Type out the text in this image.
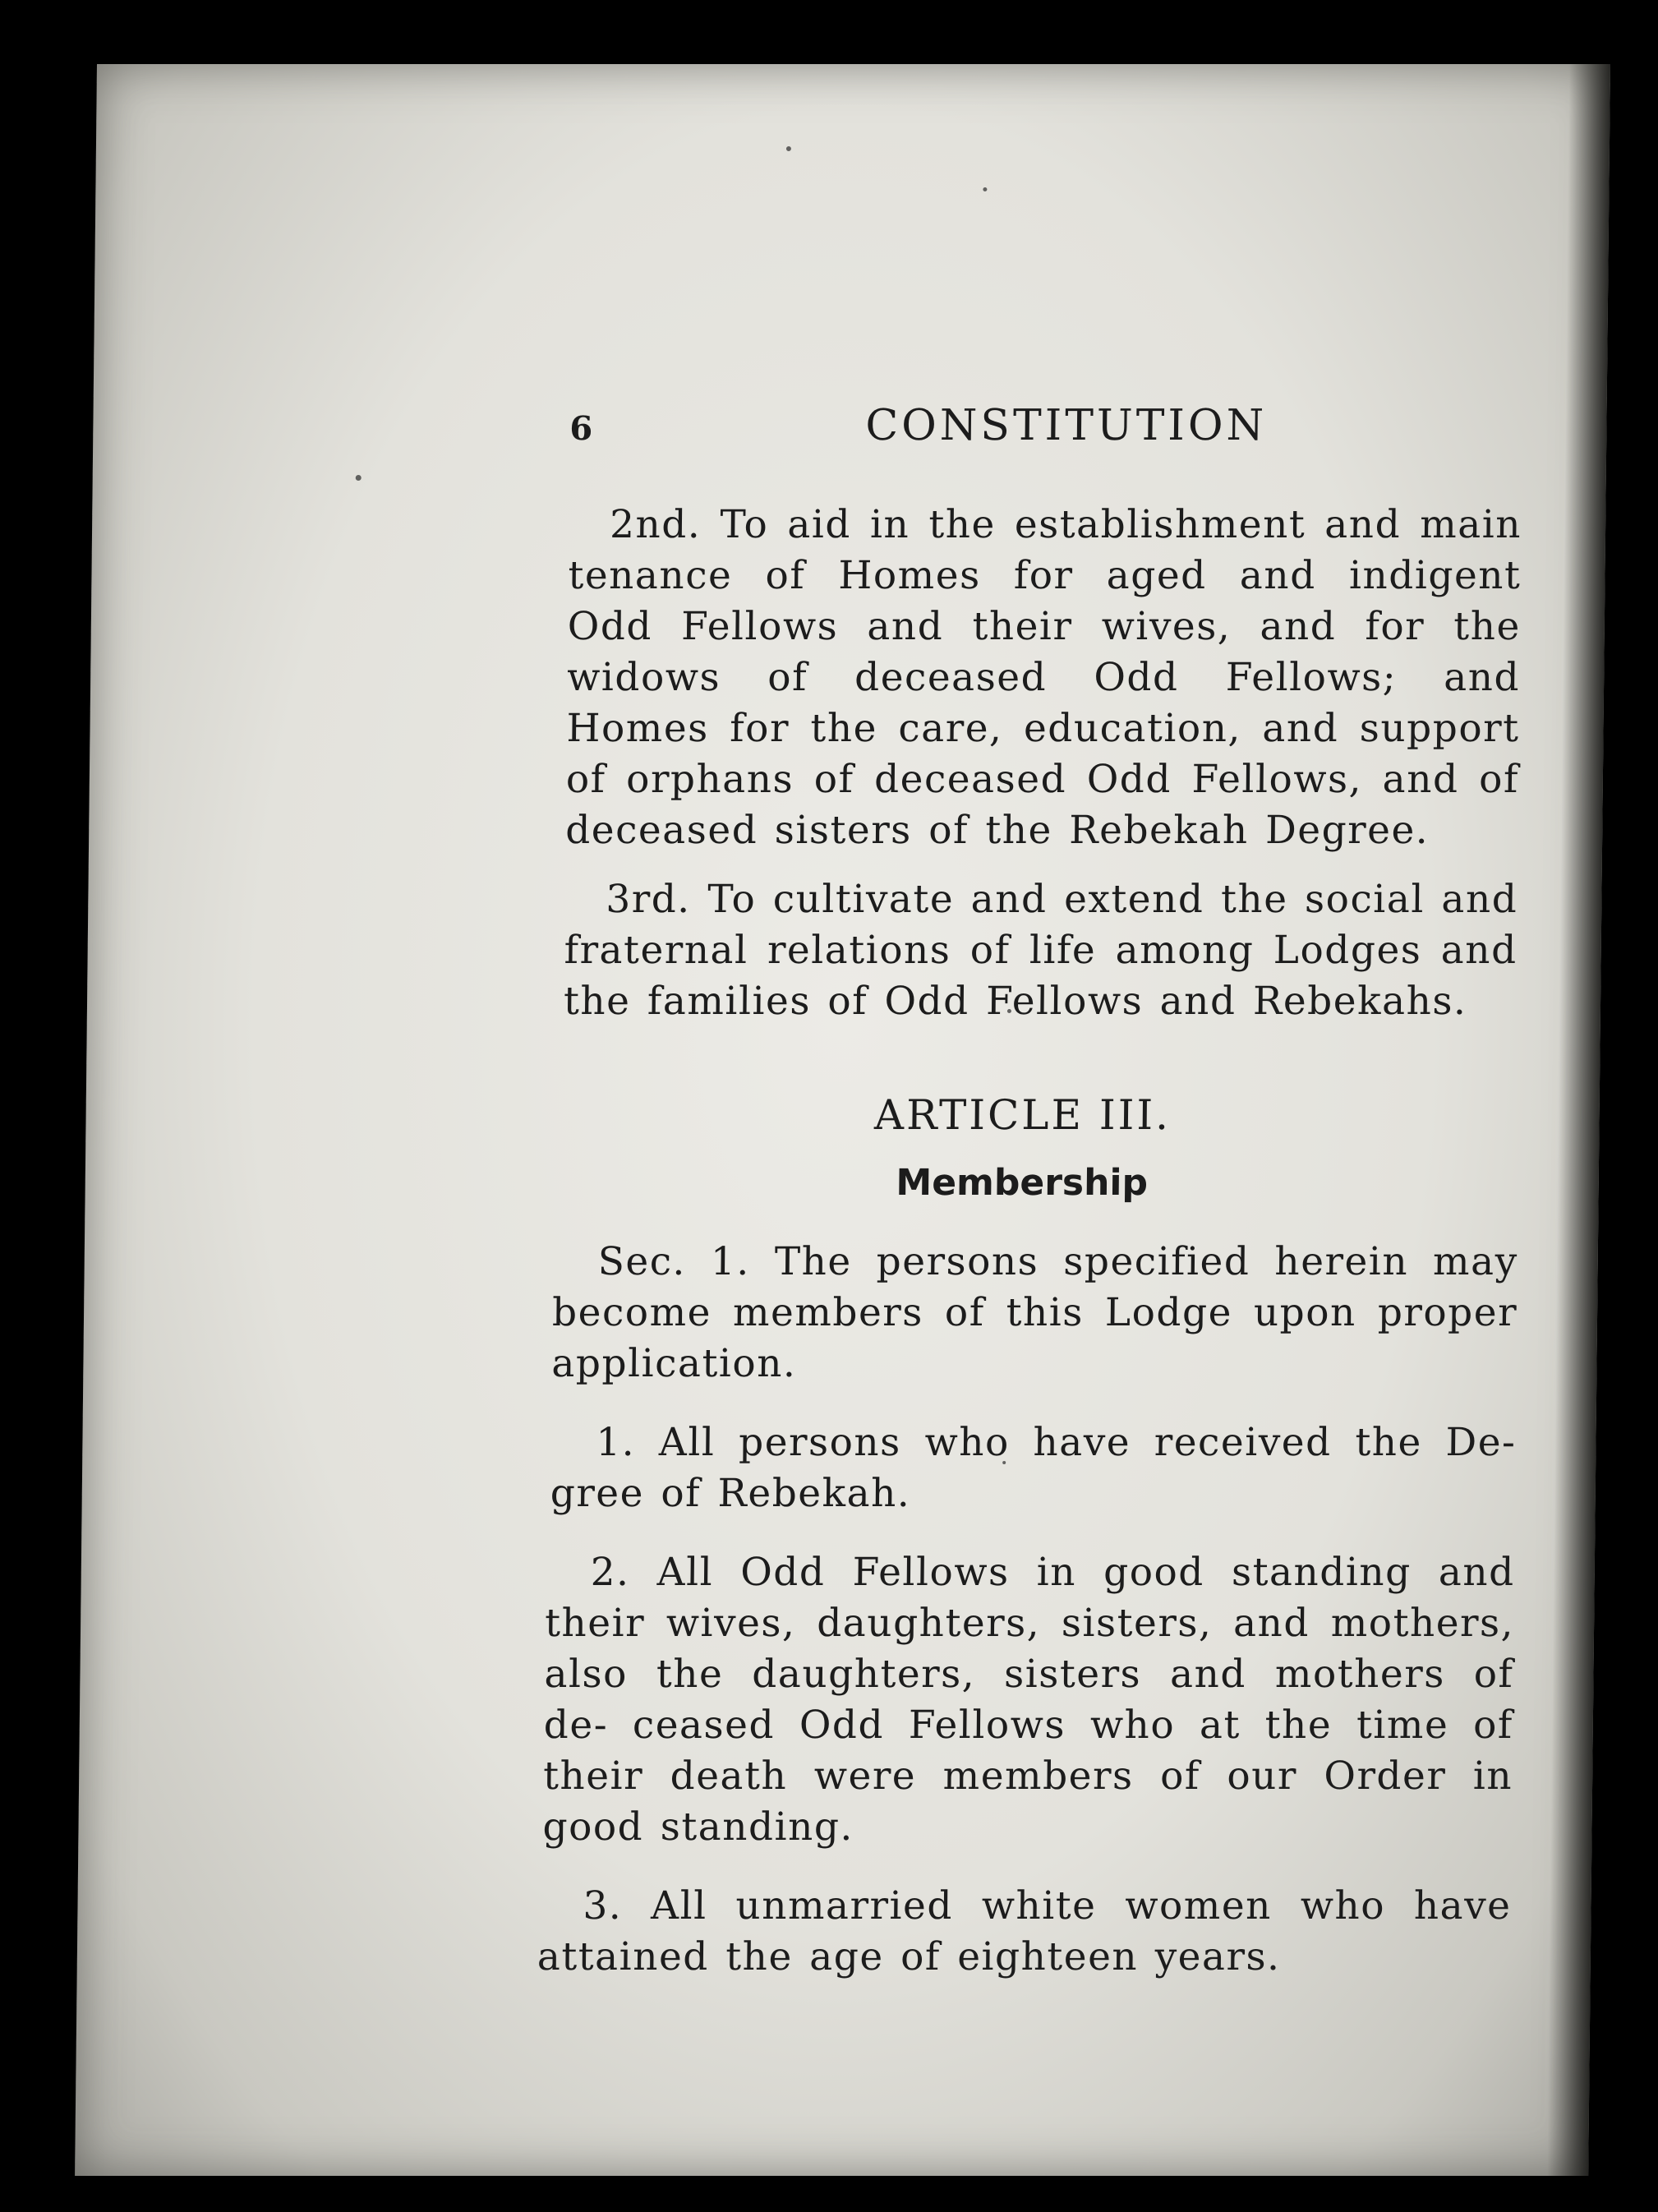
6	CONSTITUTION

2nd. To aid in the establishment and main tenance of Homes for aged and indigent Odd Fellows and their wives, and for the widows of deceased Odd Fellows; and Homes for the care, education, and support of orphans of deceased Odd Fellows, and of deceased sisters of the Rebekah Degree.

3rd. To cultivate and extend the social and fraternal relations of life among Lodges and the families of Odd Fellows and Rebekahs.

ARTICLE III.
Membership

Sec. 1. The persons specified herein may become members of this Lodge upon proper application.

1. All persons who have received the De- gree of Rebekah.

2. All Odd Fellows in good standing and their wives, daughters, sisters, and mothers, also the daughters, sisters and mothers of de- ceased Odd Fellows who at the time of their death were members of our Order in good standing.

3. All unmarried white women who have attained the age of eighteen years.
